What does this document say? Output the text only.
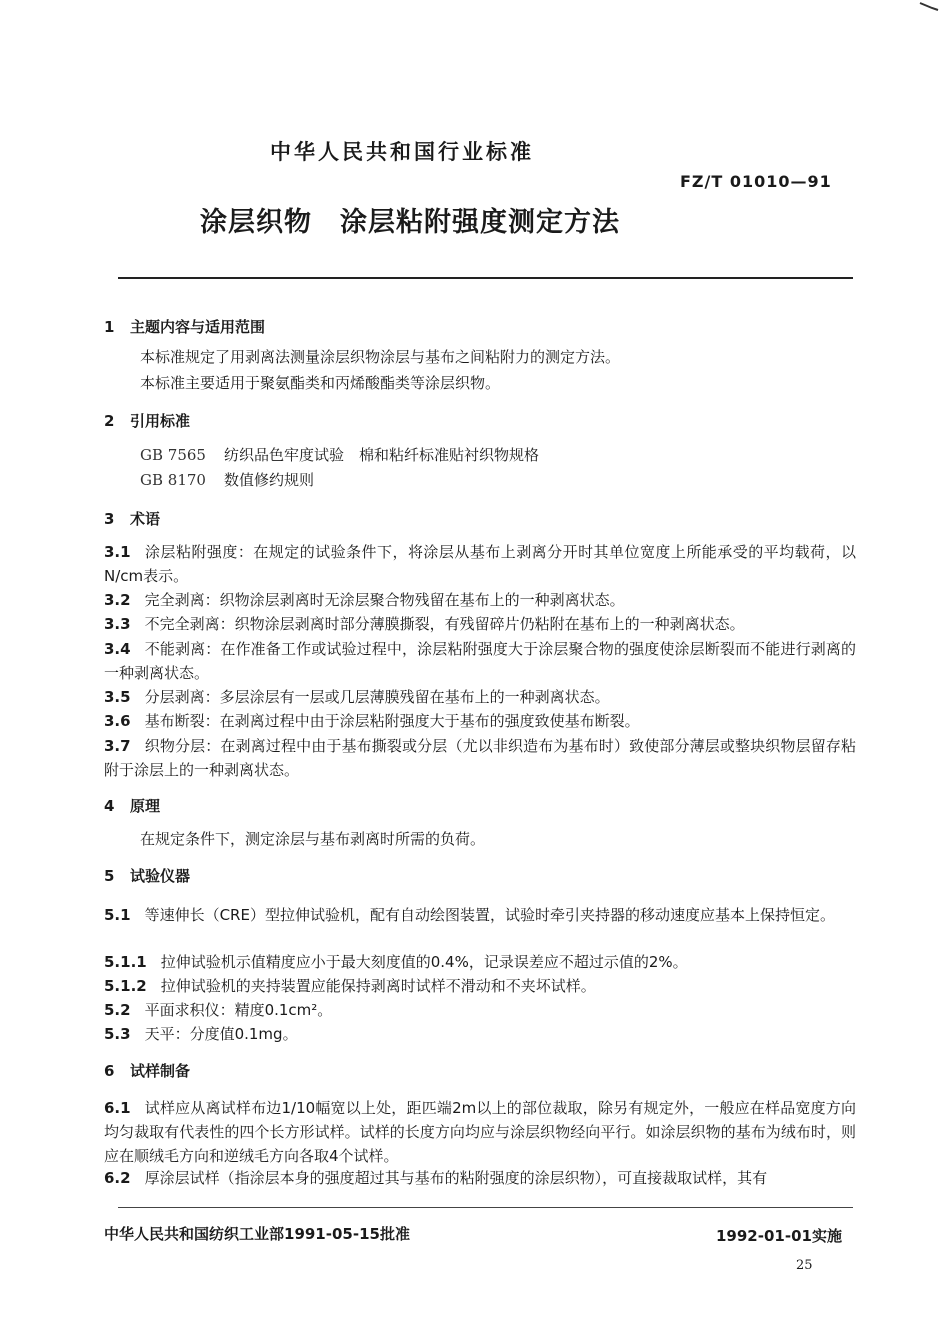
中华人民共和国行业标准
FZ/T 01010—91
涂层织物 涂层粘附强度测定方法
1 主题内容与适用范围
本标准规定了用剥离法测量涂层织物涂层与基布之间粘附力的测定方法。
本标准主要适用于聚氨酯类和丙烯酸酯类等涂层织物。
2 引用标准
GB 7565 纺织品色牢度试验　棉和粘纤标准贴衬织物规格
GB 8170 数值修约规则
3 术语
3.1 涂层粘附强度：在规定的试验条件下，将涂层从基布上剥离分开时其单位宽度上所能承受的平均载荷，以N/cm表示。
3.2 完全剥离：织物涂层剥离时无涂层聚合物残留在基布上的一种剥离状态。
3.3 不完全剥离：织物涂层剥离时部分薄膜撕裂，有残留碎片仍粘附在基布上的一种剥离状态。
3.4 不能剥离：在作准备工作或试验过程中，涂层粘附强度大于涂层聚合物的强度使涂层断裂而不能进行剥离的一种剥离状态。
3.5 分层剥离：多层涂层有一层或几层薄膜残留在基布上的一种剥离状态。
3.6 基布断裂：在剥离过程中由于涂层粘附强度大于基布的强度致使基布断裂。
3.7 织物分层：在剥离过程中由于基布撕裂或分层（尤以非织造布为基布时）致使部分薄层或整块织物层留存粘附于涂层上的一种剥离状态。
4 原理
在规定条件下，测定涂层与基布剥离时所需的负荷。
5 试验仪器
5.1 等速伸长（CRE）型拉伸试验机，配有自动绘图装置，试验时牵引夹持器的移动速度应基本上保持恒定。
5.1.1 拉伸试验机示值精度应小于最大刻度值的0.4%，记录误差应不超过示值的2%。
5.1.2 拉伸试验机的夹持装置应能保持剥离时试样不滑动和不夹坏试样。
5.2 平面求积仪：精度0.1cm²。
5.3 天平：分度值0.1mg。
6 试样制备
6.1 试样应从离试样布边1/10幅宽以上处，距匹端2m以上的部位裁取，除另有规定外，一般应在样品宽度方向均匀裁取有代表性的四个长方形试样。试样的长度方向均应与涂层织物经向平行。如涂层织物的基布为绒布时，则应在顺绒毛方向和逆绒毛方向各取4个试样。
6.2 厚涂层试样（指涂层本身的强度超过其与基布的粘附强度的涂层织物），可直接裁取试样，其有
中华人民共和国纺织工业部1991-05-15批准	1992-01-01实施
25
